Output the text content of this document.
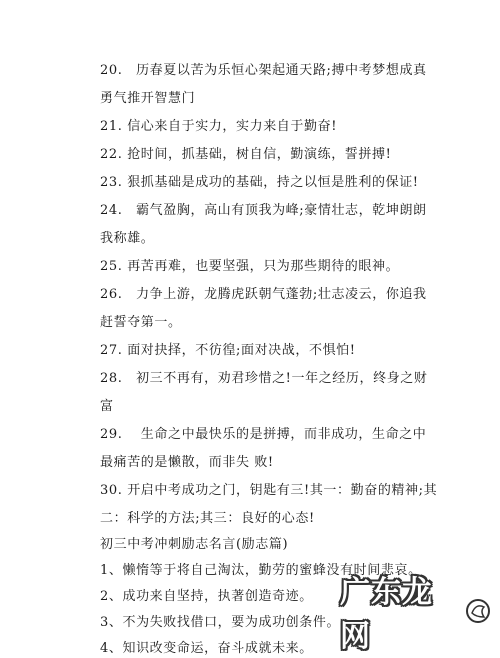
20.　历春夏以苦为乐恒心架起通天路;搏中考梦想成真
勇气推开智慧门
21. 信心来自于实力，实力来自于勤奋!
22. 抢时间，抓基础，树自信，勤演练，誓拼搏!
23. 狠抓基础是成功的基础，持之以恒是胜利的保证!
24.　霸气盈胸，高山有顶我为峰;豪情壮志，乾坤朗朗
我称雄。
25. 再苦再难，也要坚强，只为那些期待的眼神。
26.　力争上游，龙腾虎跃朝气蓬勃;壮志凌云，你追我
赶誓夺第一。
27. 面对抉择，不彷徨;面对决战，不惧怕!
28.　初三不再有，劝君珍惜之!一年之经历，终身之财
富
29.　 生命之中最快乐的是拼搏，而非成功，生命之中
最痛苦的是懒散，而非失 败!
30. 开启中考成功之门，钥匙有三!其一：勤奋的精神;其
二：科学的方法;其三：良好的心态!
初三中考冲刺励志名言(励志篇)
1、懒惰等于将自己淘汰，勤劳的蜜蜂没有时间悲哀。
2、成功来自坚持，执著创造奇迹。
3、不为失败找借口，要为成功创条件。
4、知识改变命运，奋斗成就未来。
广东龙网
